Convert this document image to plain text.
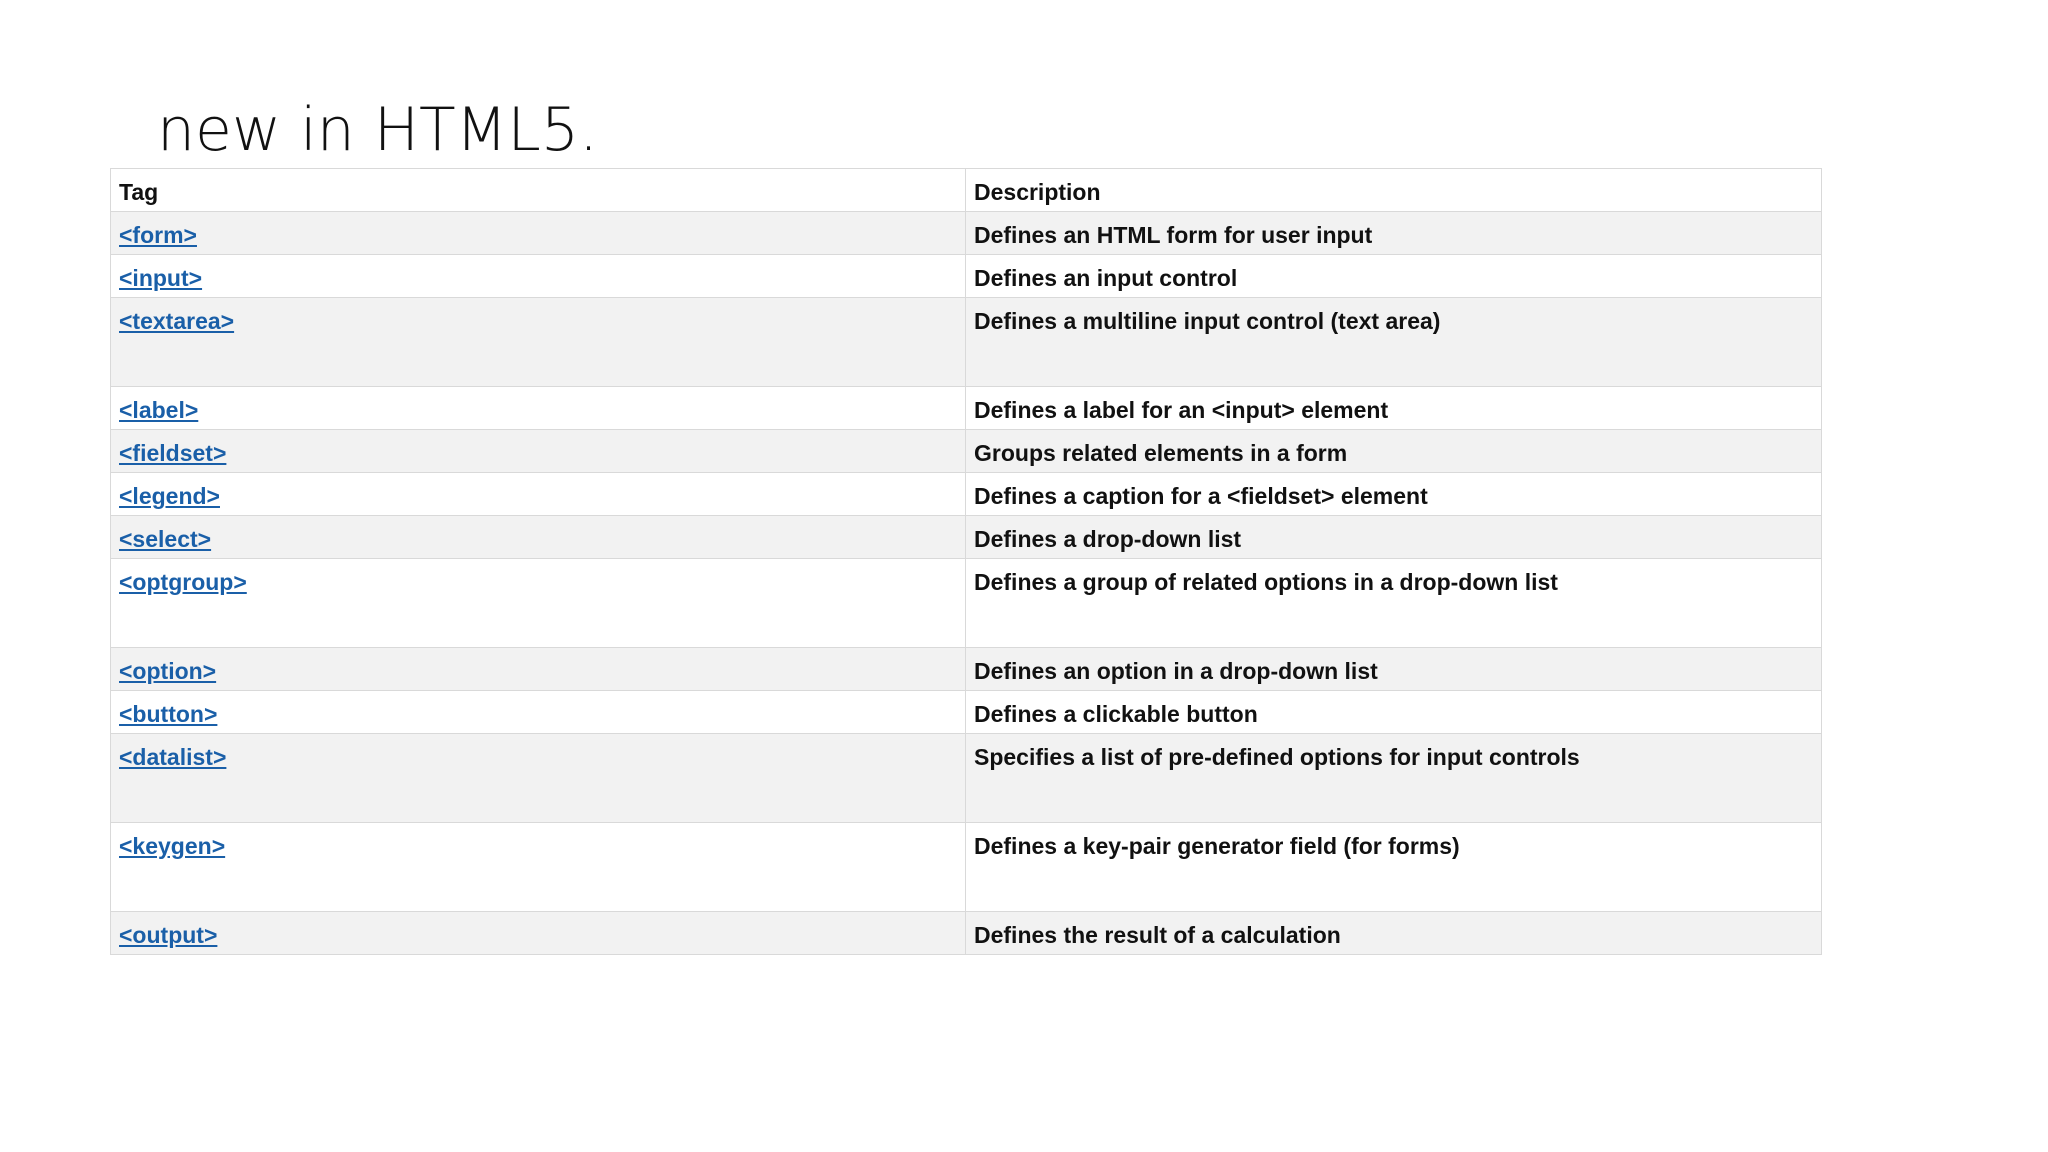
new in HTML5.
Tag	Description
<form>	Defines an HTML form for user input
<input>	Defines an input control
<textarea>	Defines a multiline input control (text area)
<label>	Defines a label for an <input> element
<fieldset>	Groups related elements in a form
<legend>	Defines a caption for a <fieldset> element
<select>	Defines a drop-down list
<optgroup>	Defines a group of related options in a drop-down list
<option>	Defines an option in a drop-down list
<button>	Defines a clickable button
<datalist>	Specifies a list of pre-defined options for input controls
<keygen>	Defines a key-pair generator field (for forms)
<output>	Defines the result of a calculation
